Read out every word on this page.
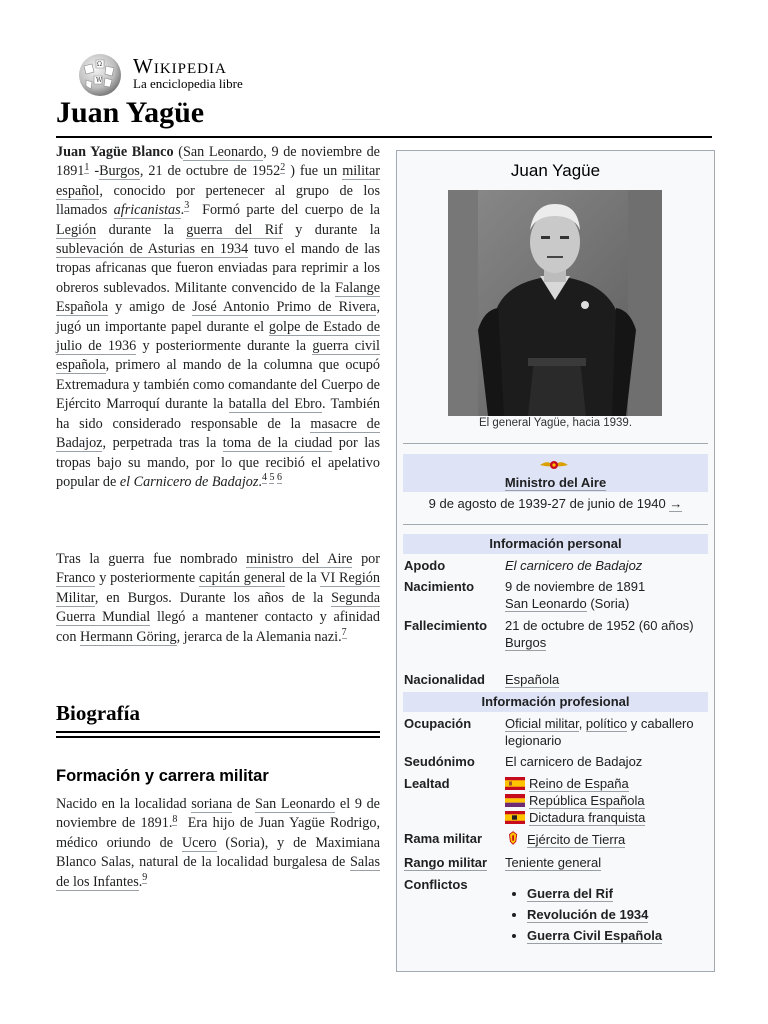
Ω
W
Wikipedia
La enciclopedia libre
Juan Yagüe

Juan Yagüe Blanco (San Leonardo, 9 de noviembre de 1891$^1$ -Burgos, 21 de octubre de 1952$^2$ ) fue un militar español, conocido por pertenecer al grupo de los llamados africanistas.$^3$  Formó parte del cuerpo de la Legión durante la guerra del Rif y durante la sublevación de Asturias en 1934 tuvo el mando de las tropas africanas que fueron enviadas para reprimir a los obreros sublevados. Militante convencido de la Falange Española y amigo de José Antonio Primo de Rivera, jugó un importante papel durante el golpe de Estado de julio de 1936 y posteriormente durante la guerra civil española, primero al mando de la columna que ocupó Extremadura y también como comandante del Cuerpo de Ejército Marroquí durante la batalla del Ebro. También ha sido considerado responsable de la masacre de Badajoz, perpetrada tras la toma de la ciudad por las tropas bajo su mando, por lo que recibió el apelativo popular de el Carnicero de Badajoz.$^{4 5 6}$

Tras la guerra fue nombrado ministro del Aire por Franco y posteriormente capitán general de la VI Región Militar, en Burgos. Durante los años de la Segunda Guerra Mundial llegó a mantener contacto y afinidad con Hermann Göring, jerarca de la Alemania nazi.$^7$

Biografía
Formación y carrera militar

Nacido en la localidad soriana de San Leonardo el 9 de noviembre de 1891.$^8$  Era hijo de Juan Yagüe Rodrigo, médico oriundo de Ucero (Soria), y de Maximiana Blanco Salas, natural de la localidad burgalesa de Salas de los Infantes.$^9$

Juan Yagüe
El general Yagüe, hacia 1939.
Ministro del Aire
9 de agosto de 1939-27 de junio de 1940 →
Información personal
Apodo	El carnicero de Badajoz
Nacimiento 9 de noviembre de 1891
San Leonardo (Soria)
Fallecimiento 21 de octubre de 1952 (60 años)
Burgos
Nacionalidad Española
Información profesional
Ocupación	Oficial militar, político y caballero legionario
Seudónimo El carnicero de Badajoz
Lealtad	Reino de España
República Española
Dictadura franquista
Rama militar	Ejército de Tierra
Rango militar Teniente general
Conflictos
• Guerra del Rif
• Revolución de 1934
• Guerra Civil Española
